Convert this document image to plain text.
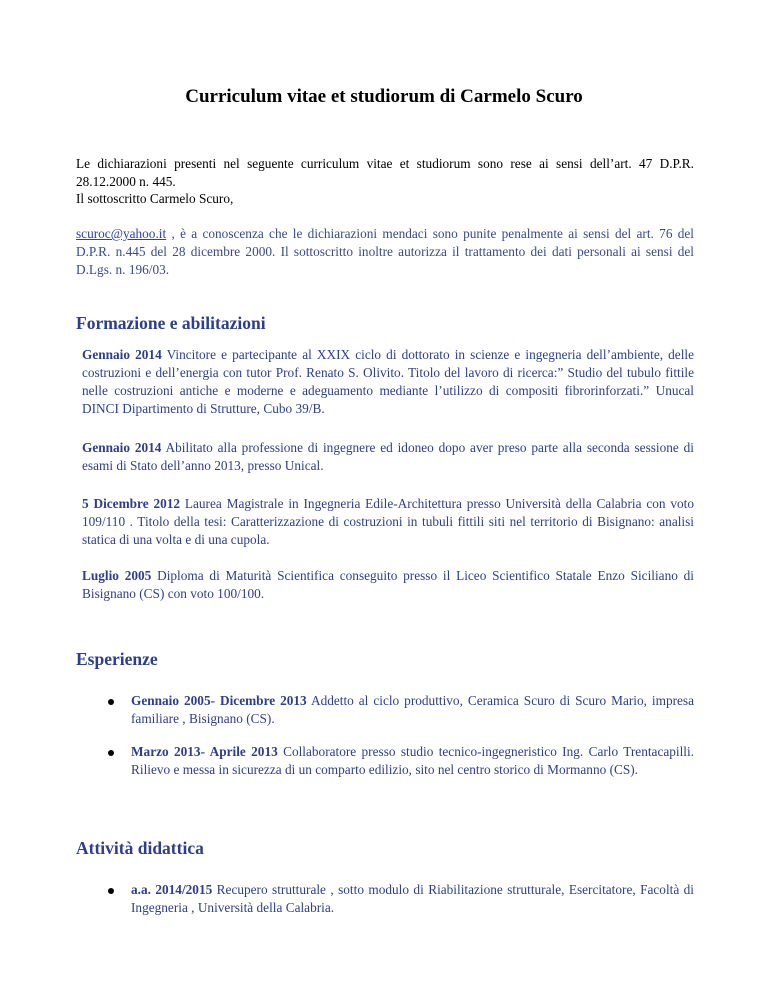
Curriculum vitae et studiorum di Carmelo Scuro

Le dichiarazioni presenti nel seguente curriculum vitae et studiorum sono rese ai sensi dell’art. 47 D.P.R. 28.12.2000 n. 445.

Il sottoscritto Carmelo Scuro,

scuroc@yahoo.it , è a conoscenza che le dichiarazioni mendaci sono punite penalmente ai sensi del art. 76 del D.P.R. n.445 del 28 dicembre 2000. Il sottoscritto inoltre autorizza il trattamento dei dati personali ai sensi del D.Lgs. n. 196/03.

Formazione e abilitazioni

Gennaio 2014 Vincitore e partecipante al XXIX ciclo di dottorato in scienze e ingegneria dell’ambiente, delle costruzioni e dell’energia con tutor Prof. Renato S. Olivito. Titolo del lavoro di ricerca:” Studio del tubulo fittile nelle costruzioni antiche e moderne e adeguamento mediante l’utilizzo di compositi fibrorinforzati.” Unucal DINCI Dipartimento di Strutture, Cubo 39/B.

Gennaio 2014 Abilitato alla professione di ingegnere ed idoneo dopo aver preso parte alla seconda sessione di esami di Stato dell’anno 2013, presso Unical.

5 Dicembre 2012 Laurea Magistrale in Ingegneria Edile-Architettura presso Università della Calabria con voto 109/110 . Titolo della tesi: Caratterizzazione di costruzioni in tubuli fittili siti nel territorio di Bisignano: analisi statica di una volta e di una cupola.

Luglio 2005 Diploma di Maturità Scientifica conseguito presso il Liceo Scientifico Statale Enzo Siciliano di Bisignano (CS) con voto 100/100.

Esperienze

Gennaio 2005- Dicembre 2013 Addetto al ciclo produttivo, Ceramica Scuro di Scuro Mario, impresa familiare , Bisignano (CS).

Marzo 2013- Aprile 2013 Collaboratore presso studio tecnico-ingegneristico Ing. Carlo Trentacapilli. Rilievo e messa in sicurezza di un comparto edilizio, sito nel centro storico di Mormanno (CS).

Attività didattica

a.a. 2014/2015 Recupero strutturale , sotto modulo di Riabilitazione strutturale, Esercitatore, Facoltà di Ingegneria , Università della Calabria.
